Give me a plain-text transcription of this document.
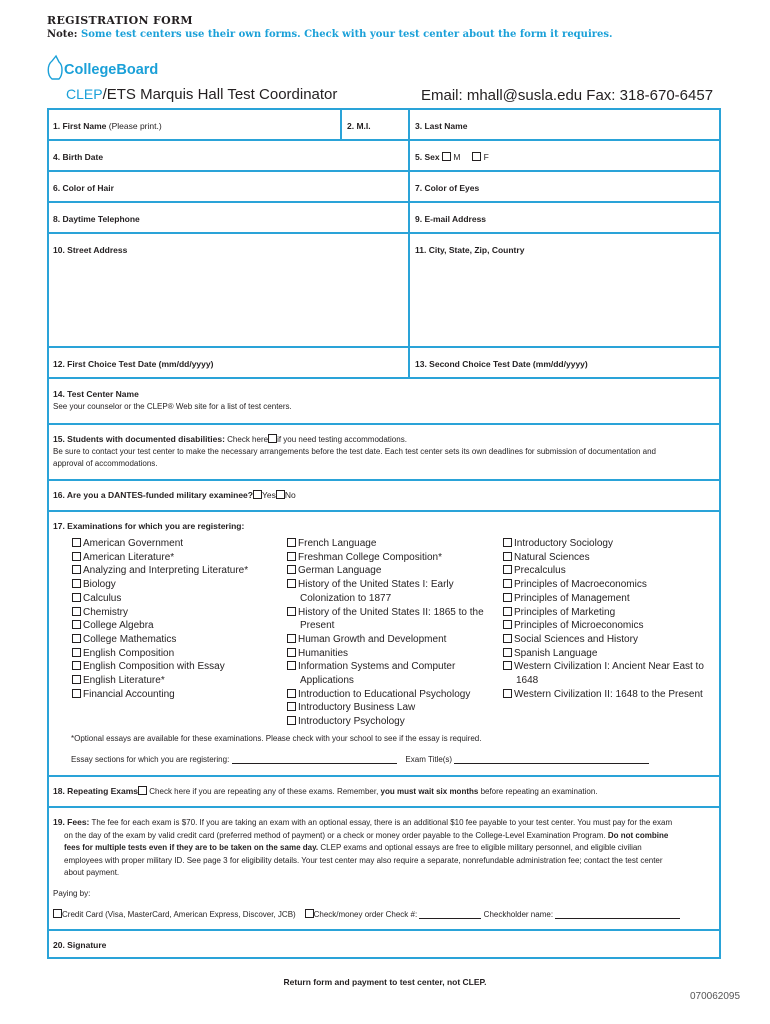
REGISTRATION FORM
Note: Some test centers use their own forms. Check with your test center about the form it requires.
CollegeBoard
CLEP/ETS Marquis Hall Test Coordinator	Email: mhall@susla.edu Fax: 318-670-6457
1. First Name (Please print.)	2. M.I.	3. Last Name
4. Birth Date	5. Sex M	F
6. Color of Hair	7. Color of Eyes
8. Daytime Telephone	9. E-mail Address
10. Street Address	11. City, State, Zip, Country
12. First Choice Test Date (mm/dd/yyyy)	13. Second Choice Test Date (mm/dd/yyyy)
14. Test Center Name
See your counselor or the CLEP® Web site for a list of test centers.
15. Students with documented disabilities: Check here if you need testing accommodations.
Be sure to contact your test center to make the necessary arrangements before the test date. Each test center sets its own deadlines for submission of documentation and
approval of accommodations.
16. Are you a DANTES-funded military examinee? Yes No
17. Examinations for which you are registering:
American Government
American Literature*
Analyzing and Interpreting Literature*
Biology
Calculus
Chemistry
College Algebra
College Mathematics
English Composition
English Composition with Essay
English Literature*
Financial Accounting
French Language
Freshman College Composition*
German Language
History of the United States I: Early
Colonization to 1877
History of the United States II: 1865 to the
Present
Human Growth and Development
Humanities
Information Systems and Computer
Applications
Introduction to Educational Psychology
Introductory Business Law
Introductory Psychology
Introductory Sociology
Natural Sciences
Precalculus
Principles of Macroeconomics
Principles of Management
Principles of Marketing
Principles of Microeconomics
Social Sciences and History
Spanish Language
Western Civilization I: Ancient Near East to
1648
Western Civilization II: 1648 to the Present
*Optional essays are available for these examinations. Please check with your school to see if the essay is required.
Essay sections for which you are registering:	Exam Title(s)
18. Repeating Exams Check here if you are repeating any of these exams. Remember, you must wait six months before repeating an examination.
19. Fees: The fee for each exam is $70. If you are taking an exam with an optional essay, there is an additional $10 fee payable to your test center. You must pay for the exam
on the day of the exam by valid credit card (preferred method of payment) or a check or money order payable to the College-Level Examination Program. Do not combine
fees for multiple tests even if they are to be taken on the same day. CLEP exams and optional essays are free to eligible military personnel, and eligible civilian
employees with proper military ID. See page 3 for eligibility details. Your test center may also require a separate, nonrefundable administration fee; contact the test center
about payment.
Paying by:
Credit Card (Visa, MasterCard, American Express, Discover, JCB) Check/money order Check #:	Checkholder name:
20. Signature
Return form and payment to test center, not CLEP.
070062095
